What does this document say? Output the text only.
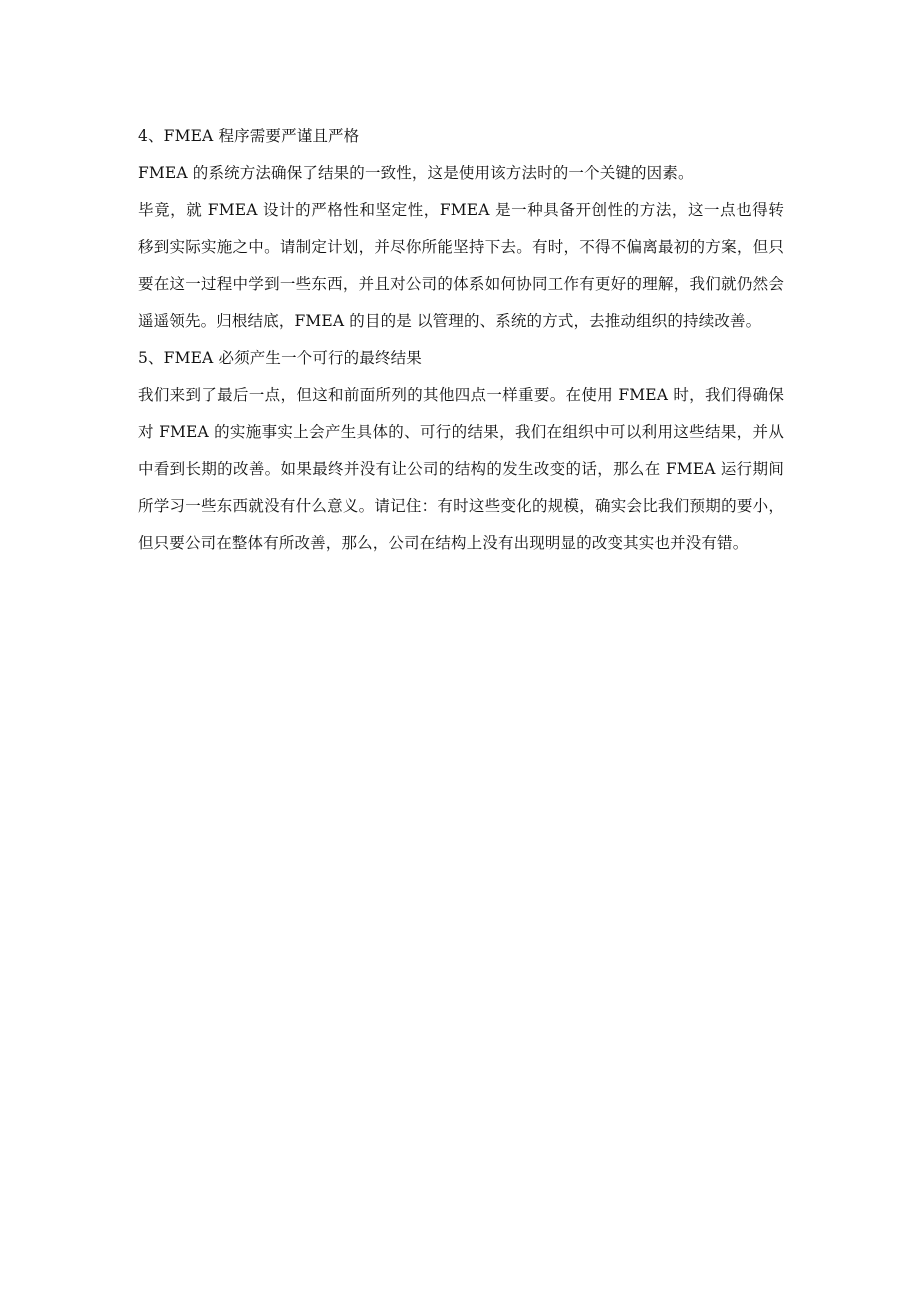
4、FMEA 程序需要严谨且严格

FMEA 的系统方法确保了结果的一致性，这是使用该方法时的一个关键的因素。

毕竟，就 FMEA 设计的严格性和坚定性，FMEA 是一种具备开创性的方法，这一点也得转移到实际实施之中。请制定计划，并尽你所能坚持下去。有时，不得不偏离最初的方案，但只要在这一过程中学到一些东西，并且对公司的体系如何协同工作有更好的理解，我们就仍然会遥遥领先。归根结底，FMEA 的目的是 以管理的、系统的方式，去推动组织的持续改善。

5、FMEA 必须产生一个可行的最终结果

我们来到了最后一点，但这和前面所列的其他四点一样重要。在使用 FMEA 时，我们得确保对 FMEA 的实施事实上会产生具体的、可行的结果，我们在组织中可以利用这些结果，并从中看到长期的改善。如果最终并没有让公司的结构的发生改变的话，那么在 FMEA 运行期间所学习一些东西就没有什么意义。请记住：有时这些变化的规模，确实会比我们预期的要小，但只要公司在整体有所改善，那么，公司在结构上没有出现明显的改变其实也并没有错。
